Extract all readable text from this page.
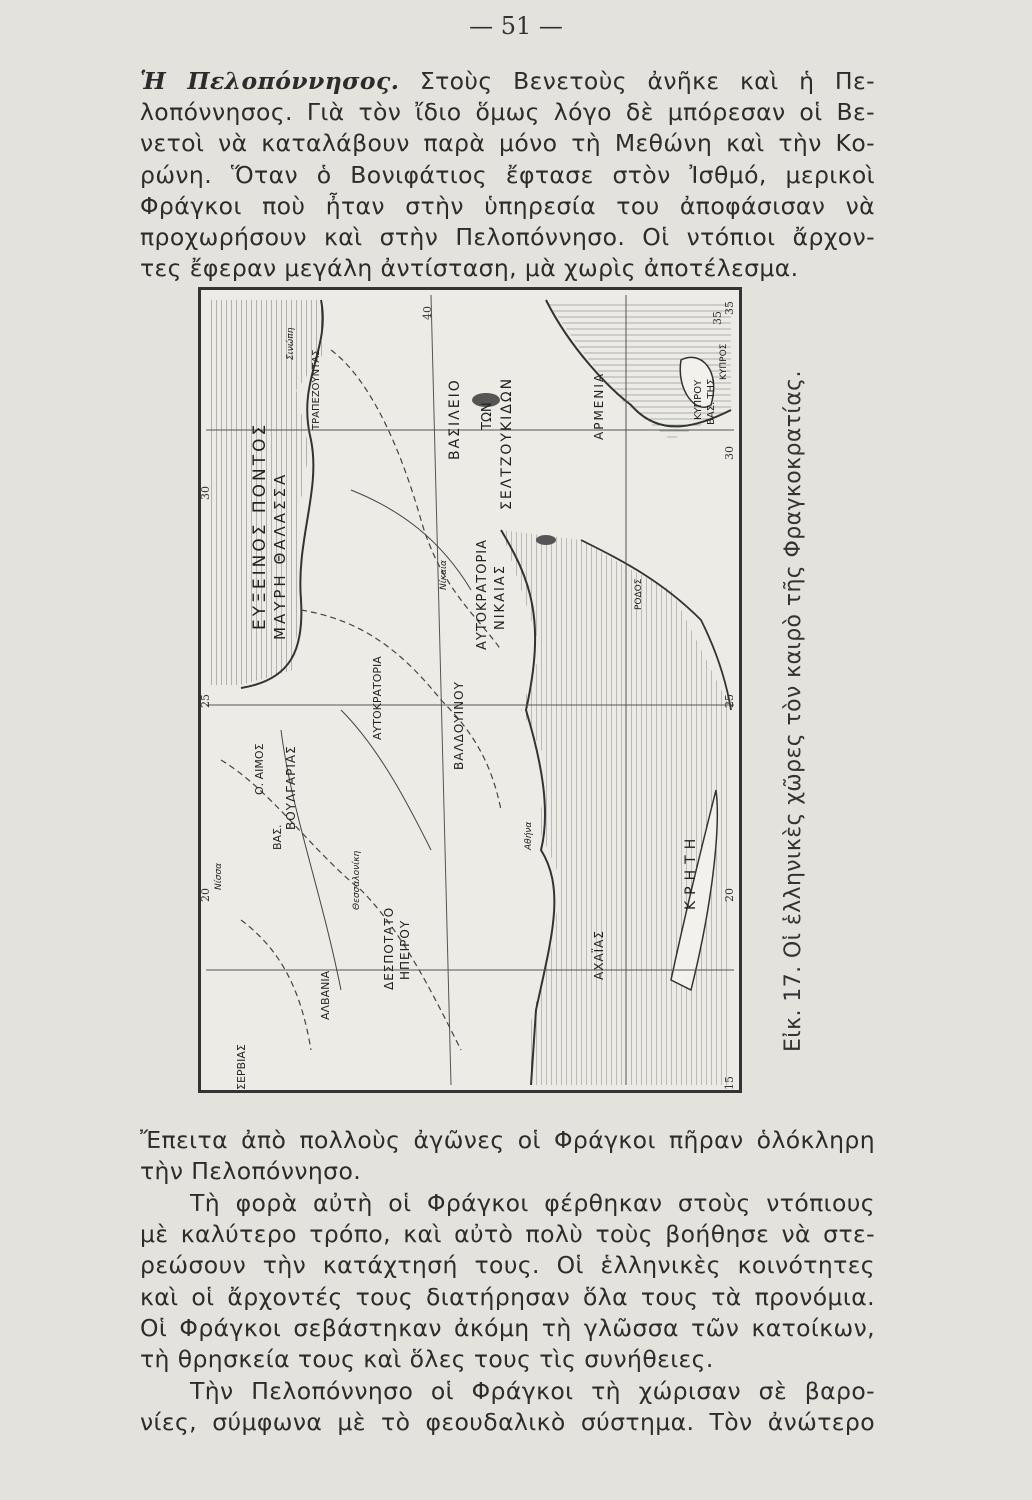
— 51 —
Ἡ Πελοπόννησος. Στοὺς Βενετοὺς ἀνῆκε καὶ ἡ Πε-
λοπόννησος. Γιὰ τὸν ἴδιο ὅμως λόγο δὲ μπόρεσαν οἱ Βε-
νετοὶ νὰ καταλάβουν παρὰ μόνο τὴ Μεθώνη καὶ τὴν Κο-
ρώνη. Ὅταν ὁ Βονιφάτιος ἔφτασε στὸν Ἰσθμό, μερικοὶ
Φράγκοι ποὺ ἦταν στὴν ὑπηρεσία του ἀποφάσισαν νὰ
προχωρήσουν καὶ στὴν Πελοπόννησο. Οἱ ντόπιοι ἄρχον-
τες ἔφεραν μεγάλη ἀντίσταση, μὰ χωρὶς ἀποτέλεσμα.
ΕΥΞΕΙΝΟΣ ΠΟΝΤΟΣ ΜΑΥΡΗ ΘΑΛΑΣΣΑ
ΤΡΑΠΕΖΟΥΝΤΑΣ	ΒΑΣΙΛΕΙΟ	ΣΕΛΤΖΟΥΚΙΔΩΝ
ΤΩΝ	ΑΡΜΕΝΙΑ
ΝΙΚΑΙΑΣ
ΑΥΤΟΚΡΑΤΟΡΙΑ
ΑΥΤΟΚΡΑΤΟΡΙΑ	ΒΑΛΔΟΥΙΝΟΥ
ΒΟΥΛΓΑΡΙΑΣ
ΒΑΣ.
ΣΕΡΒΙΑΣ
ΑΛΒΑΝΙΑ
ΔΕΣΠΟΤΑΤΟ ΗΠΕΙΡΟΥ	ΑΧΑΪΑΣ
ΚΡΗΤΗ
ΚΥΠΡΟΥ ΒΑΣ. ΤΗΣ
Ο. ΑΙΜΟΣ
ΚΥΠΡΟΣ
ΡΟΔΟΣ
Σινώπη
Νίκαια
Θεσσαλονίκη
Αθήνα
Νίσσα
20
25
30
15
20
25
30
35
40	35
Εἰκ. 17. Οἱ ἑλληνικὲς χῶρες τὸν καιρὸ τῆς Φραγκοκρατίας.
Ἔπειτα ἀπὸ πολλοὺς ἀγῶνες οἱ Φράγκοι πῆραν ὁλόκληρη
τὴν Πελοπόννησο.
Τὴ φορὰ αὐτὴ οἱ Φράγκοι φέρθηκαν στοὺς ντόπιους
μὲ καλύτερο τρόπο, καὶ αὐτὸ πολὺ τοὺς βοήθησε νὰ στε-
ρεώσουν τὴν κατάχτησή τους. Οἱ ἑλληνικὲς κοινότητες
καὶ οἱ ἄρχοντές τους διατήρησαν ὅλα τους τὰ προνόμια.
Οἱ Φράγκοι σεβάστηκαν ἀκόμη τὴ γλῶσσα τῶν κατοίκων,
τὴ θρησκεία τους καὶ ὅλες τους τὶς συνήθειες.
Τὴν Πελοπόννησο οἱ Φράγκοι τὴ χώρισαν σὲ βαρο-
νίες, σύμφωνα μὲ τὸ φεουδαλικὸ σύστημα. Τὸν ἀνώτερο
